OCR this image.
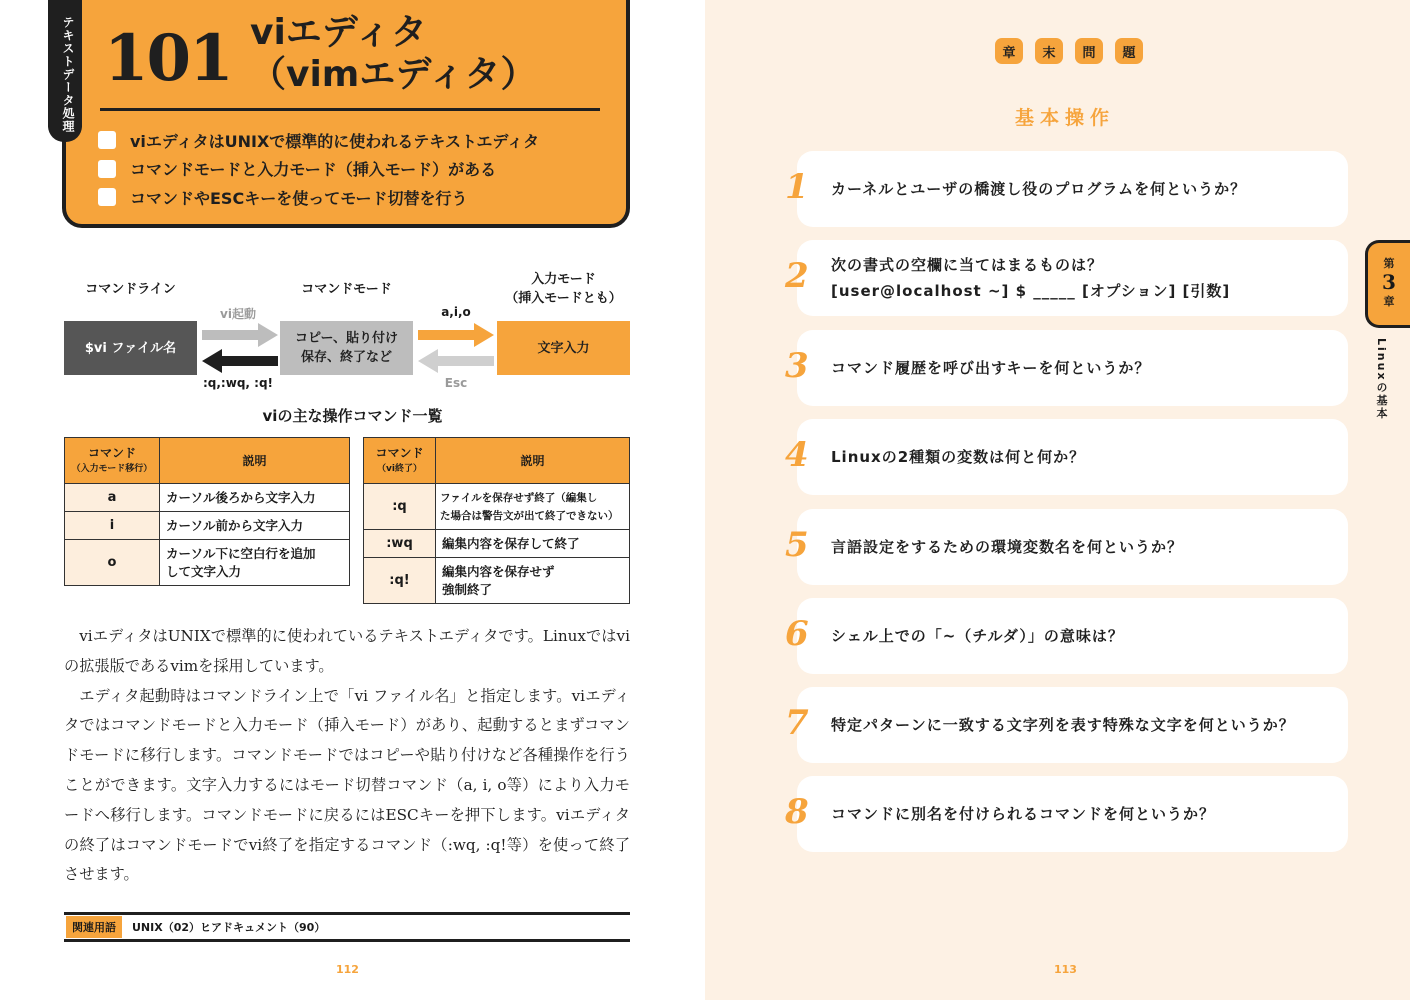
101 viエディタ
（vimエディタ）
viエディタはUNIXで標準的に使われるテキストエディタ
コマンドモードと入力モード（挿入モード）がある
コマンドやESCキーを使ってモード切替を行う
テキストデータ処理
コマンドライン	コマンドモード
入力モード
（挿入モードとも）
$vi ファイル名
コピー、貼り付け
保存、終了など
文字入力
vi起動
:q,:wq, :q!
a,i,o
Esc
viの主な操作コマンド一覧
コマンド
（入力モード移行）	説明
a	カーソル後ろから文字入力
i	カーソル前から文字入力
o	カーソル下に空白行を追加
して文字入力
コマンド
（vi終了）	説明
:q	ファイルを保存せず終了（編集し
た場合は警告文が出て終了できない）

:wq	編集内容を保存して終了
:q!	編集内容を保存せず
強制終了

viエディタはUNIXで標準的に使われているテキストエディタです。Linuxではviの拡張版であるvimを採用しています。

エディタ起動時はコマンドライン上で「vi ファイル名」と指定します。viエディタではコマンドモードと入力モード（挿入モード）があり、起動するとまずコマンドモードに移行します。コマンドモードではコピーや貼り付けなど各種操作を行うことができます。文字入力するにはモード切替コマンド（a, i, o等）により入力モードへ移行します。コマンドモードに戻るにはESCキーを押下します。viエディタの終了はコマンドモードでvi終了を指定するコマンド（:wq, :q!等）を使って終了させます。

関連用語	UNIX（02）ヒアドキュメント（90）
112
章	末	問	題
基本操作
カーネルとユーザの橋渡し役のプログラムを何というか？
1
次の書式の空欄に当てはまるものは？
[user@localhost ~] $ _____ [オプション] [引数]
2
コマンド履歴を呼び出すキーを何というか？
3
Linuxの2種類の変数は何と何か？
4
言語設定をするための環境変数名を何というか？
5
シェル上での「~（チルダ）」の意味は？
6
特定パターンに一致する文字列を表す特殊な文字を何というか？
7
コマンドに別名を付けられるコマンドを何というか？
8
第
3
章
Linuxの基本
113
